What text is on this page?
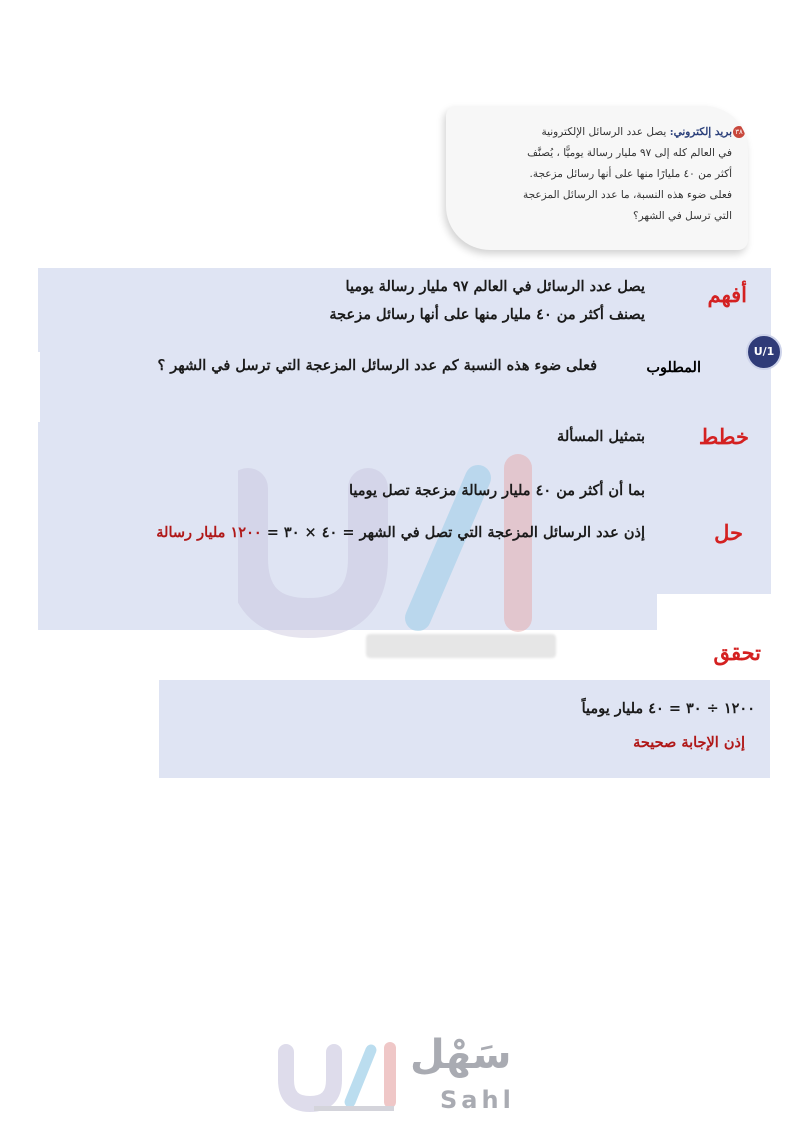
٣٨
بريد إلكتروني: يصل عدد الرسائل الإلكترونية
في العالم كله إلى ٩٧ مليار رسالة يوميًّا ، يُصنَّف
أكثر من ٤٠ مليارًا منها على أنها رسائل مزعجة.
فعلى ضوء هذه النسبة، ما عدد الرسائل المزعجة
التي ترسل في الشهر؟
أفهم
يصل عدد الرسائل في العالم ٩٧ مليار رسالة يوميا
يصنف أكثر من ٤٠ مليار منها على أنها رسائل مزعجة
U/1
المطلوب
فعلى ضوء هذه النسبة كم عدد الرسائل المزعجة التي ترسل في الشهر ؟
خطط
بتمثيل المسألة
بما أن أكثر من ٤٠ مليار رسالة مزعجة تصل يوميا
حل
إذن عدد الرسائل المزعجة التي تصل في الشهر = ٤٠ × ٣٠ = ١٢٠٠ مليار رسالة
تحقق
١٢٠٠ ÷ ٣٠ = ٤٠ مليار يومياً
إذن الإجابة صحيحة
سَهْل
Sahl
